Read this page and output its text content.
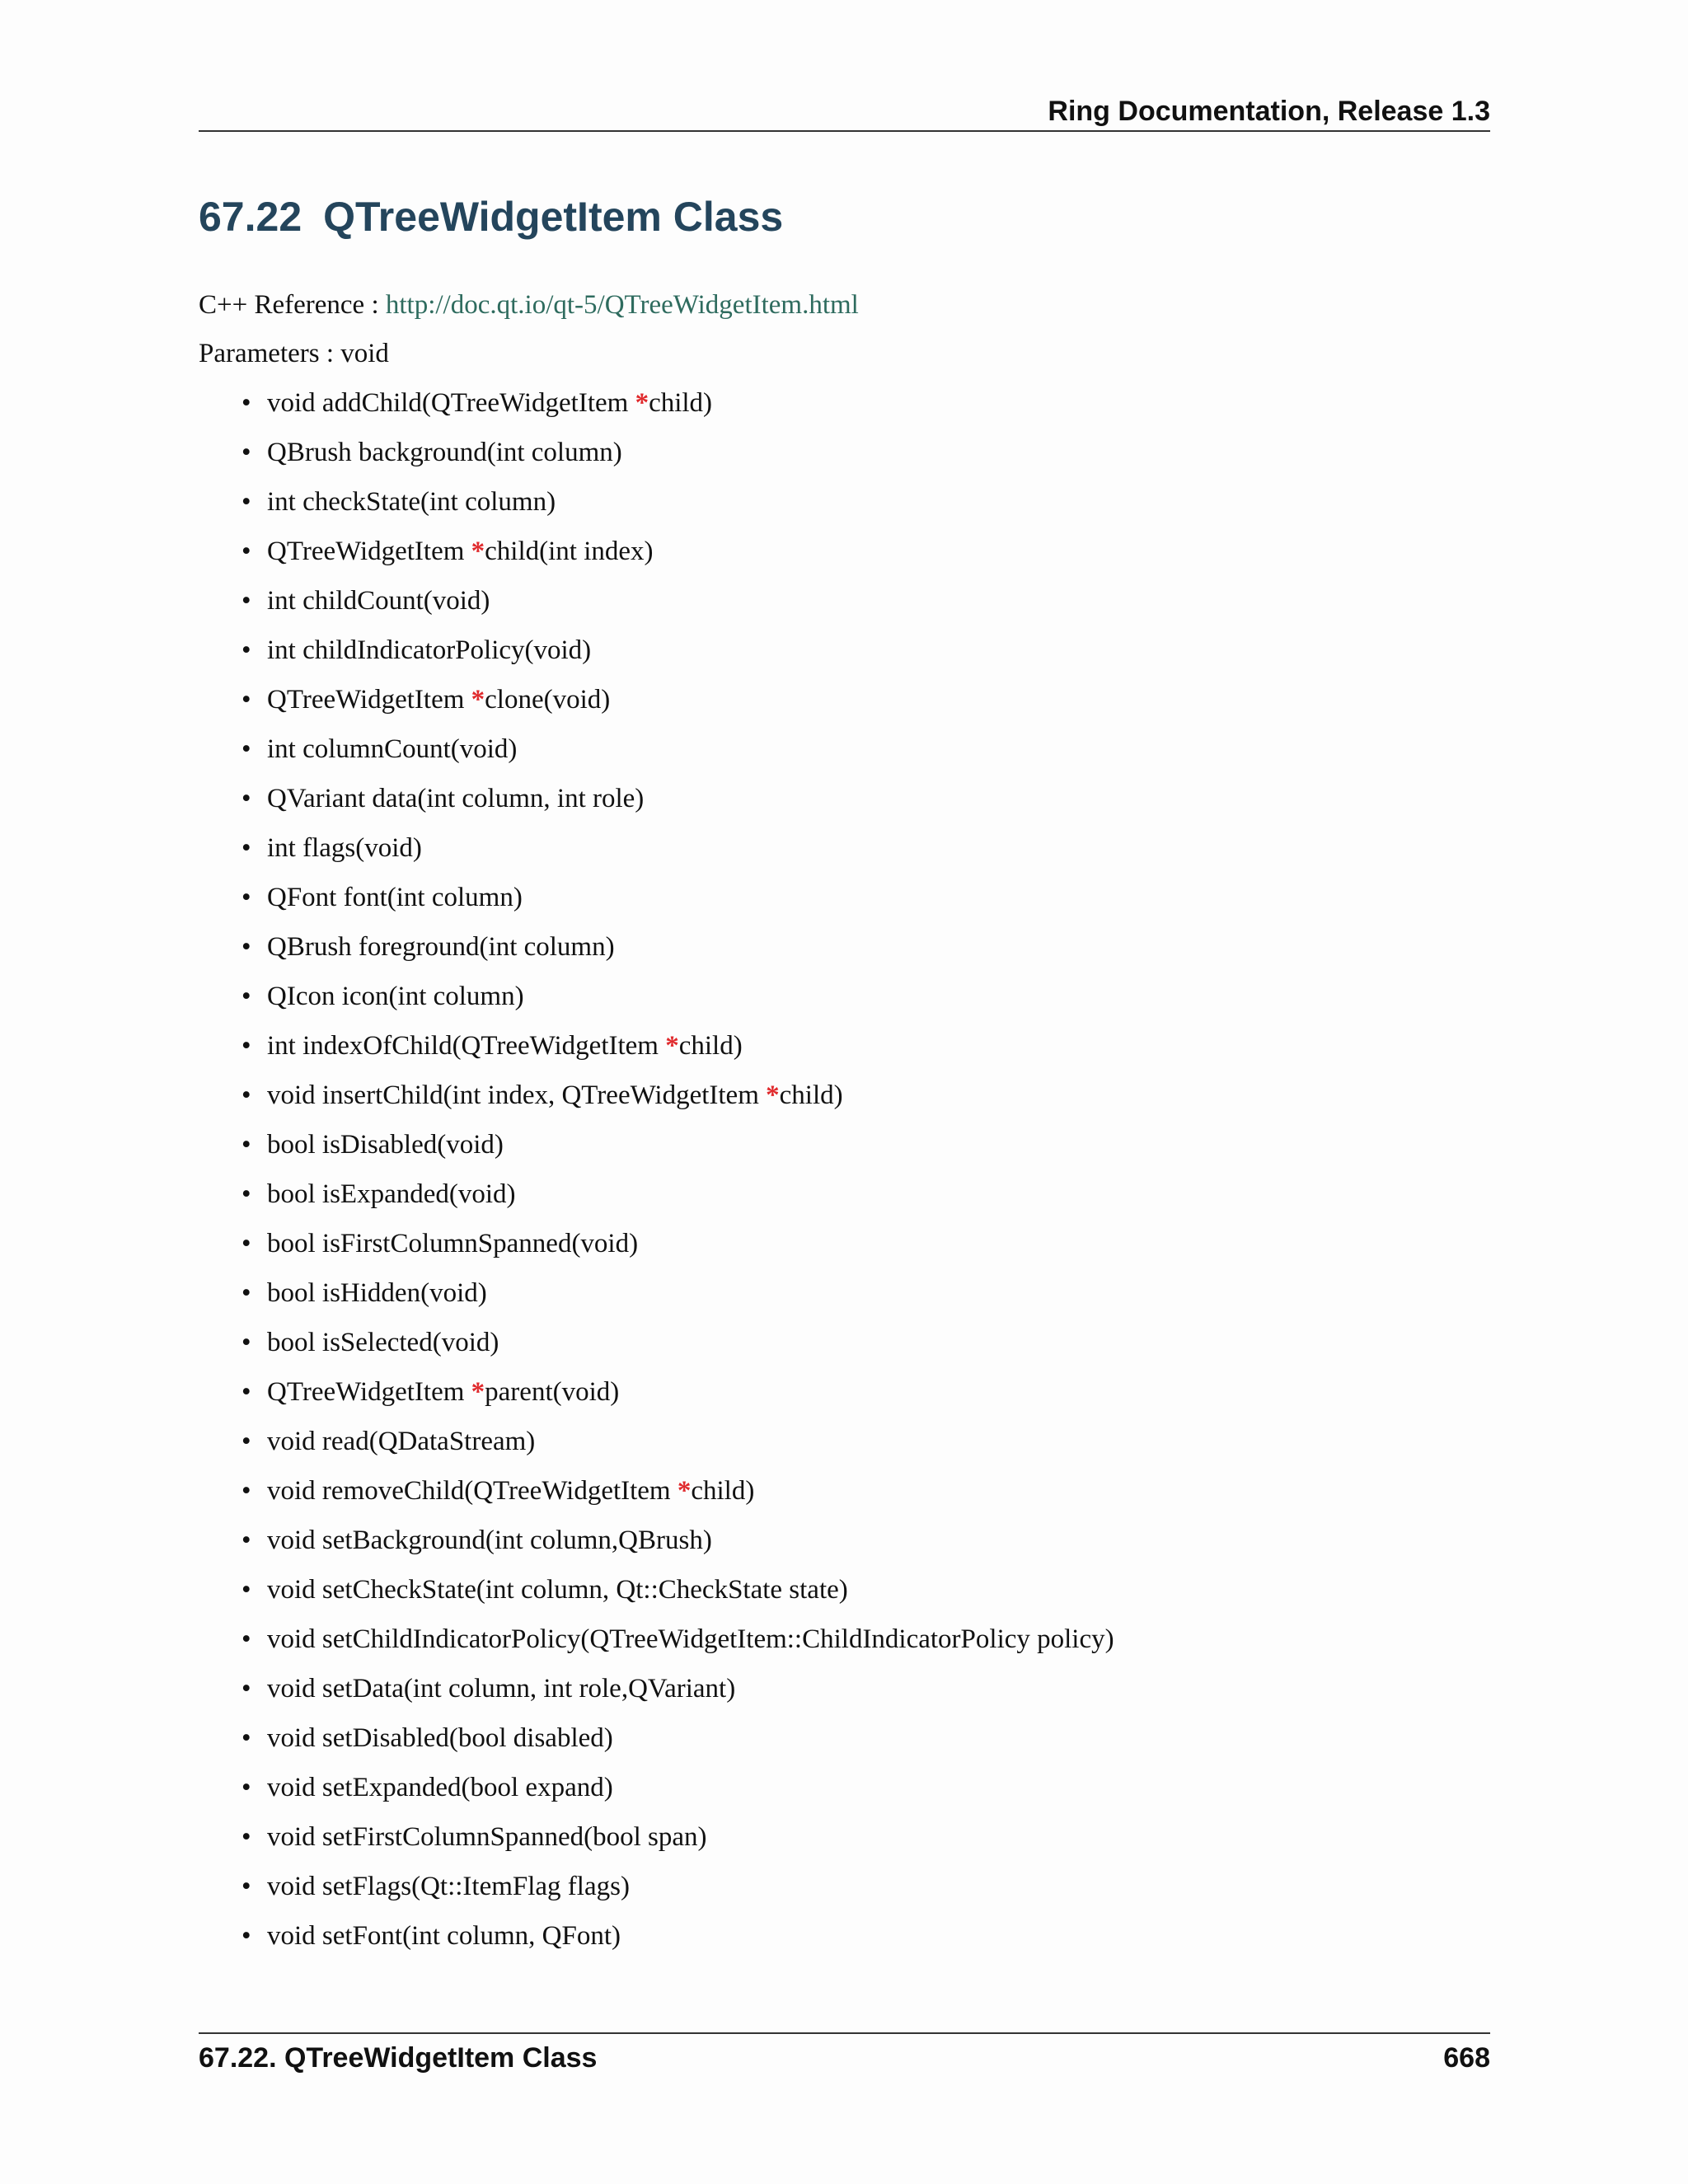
Ring Documentation, Release 1.3
67.22 QTreeWidgetItem Class
C++ Reference : http://doc.qt.io/qt-5/QTreeWidgetItem.html
Parameters : void
• void addChild(QTreeWidgetItem *child)
• QBrush background(int column)
• int checkState(int column)
• QTreeWidgetItem *child(int index)
• int childCount(void)
• int childIndicatorPolicy(void)
• QTreeWidgetItem *clone(void)
• int columnCount(void)
• QVariant data(int column, int role)
• int flags(void)
• QFont font(int column)
• QBrush foreground(int column)
• QIcon icon(int column)
• int indexOfChild(QTreeWidgetItem *child)
• void insertChild(int index, QTreeWidgetItem *child)
• bool isDisabled(void)
• bool isExpanded(void)
• bool isFirstColumnSpanned(void)
• bool isHidden(void)
• bool isSelected(void)
• QTreeWidgetItem *parent(void)
• void read(QDataStream)
• void removeChild(QTreeWidgetItem *child)
• void setBackground(int column,QBrush)
• void setCheckState(int column, Qt::CheckState state)
• void setChildIndicatorPolicy(QTreeWidgetItem::ChildIndicatorPolicy policy)
• void setData(int column, int role,QVariant)
• void setDisabled(bool disabled)
• void setExpanded(bool expand)
• void setFirstColumnSpanned(bool span)
• void setFlags(Qt::ItemFlag flags)
• void setFont(int column, QFont)
67.22. QTreeWidgetItem Class	668
